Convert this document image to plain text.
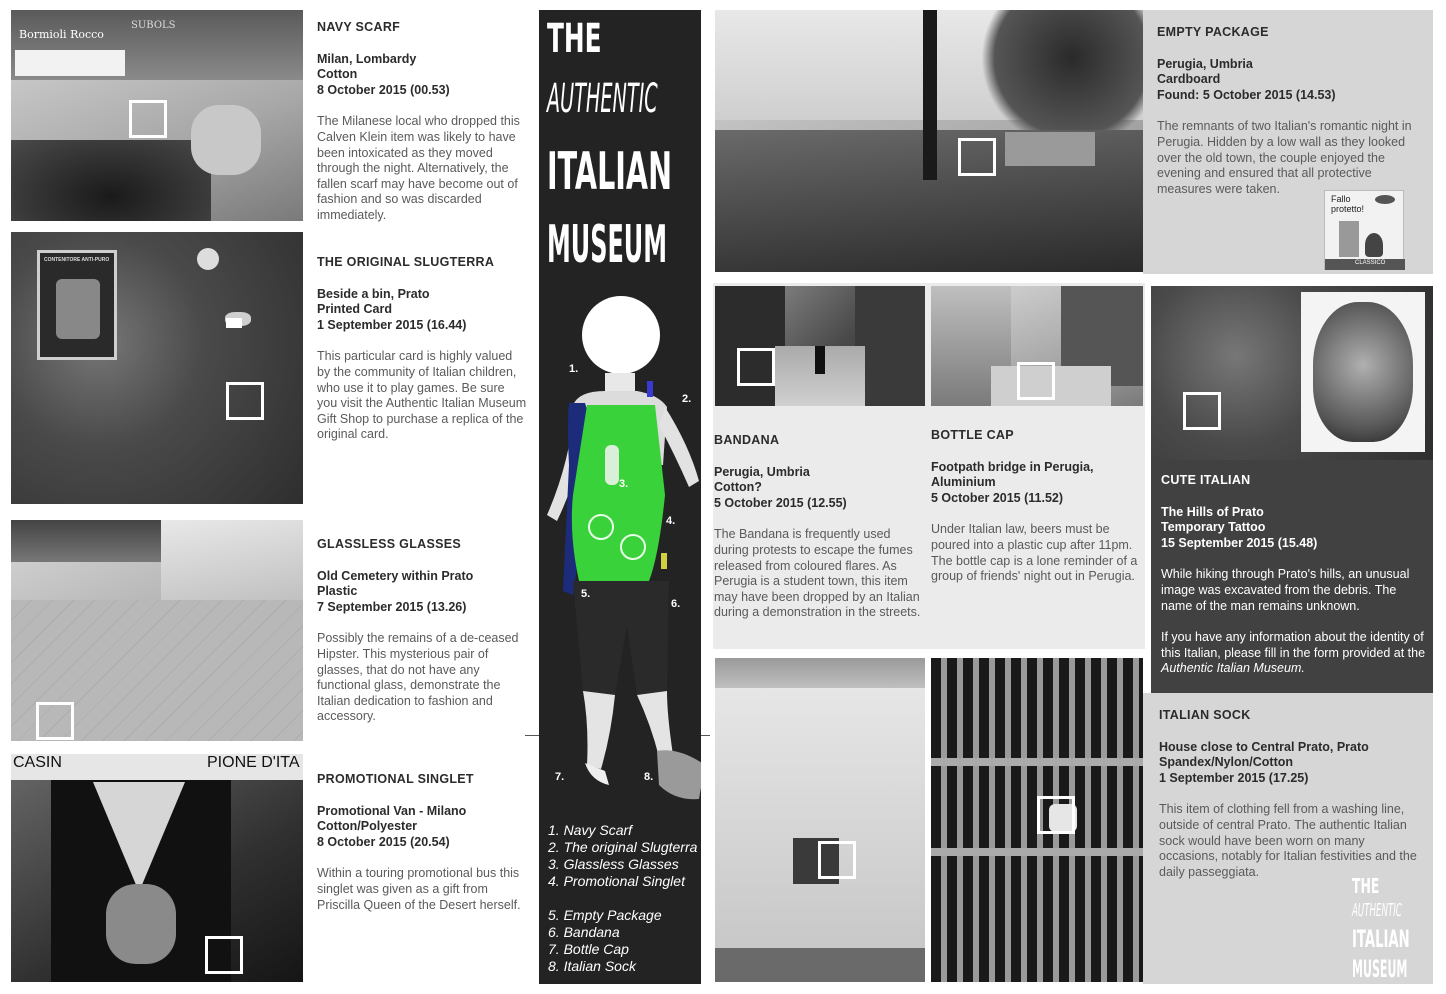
Bormioli Rocco
SUBOLS
CONTENITORE ANTI-PURO
CASIN	PIONE D'ITA
NAVY SCARF
Milan, Lombardy
Cotton
8 October 2015 (00.53)

The Milanese local who dropped this Calven Klein item was likely to have been intoxicated as they moved through the night. Alternatively, the fallen scarf may have become out of fashion and so was discarded immediately.

THE ORIGINAL SLUGTERRA
Beside a bin, Prato
Printed Card
1 September 2015 (16.44)

This particular card is highly valued by the community of Italian children, who use it to play games. Be sure you visit the Authentic Italian Museum Gift Shop to purchase a replica of the original card.

GLASSLESS GLASSES
Old Cemetery within Prato
Plastic
7 September 2015 (13.26)

Possibly the remains of a de-ceased Hipster. This mysterious pair of glasses, that do not have any functional glass, demonstrate the Italian dedication to fashion and accessory.

PROMOTIONAL SINGLET
Promotional Van - Milano
Cotton/Polyester
8 October 2015 (20.54)

Within a touring promotional bus this singlet was given as a gift from Priscilla Queen of the Desert herself.

THE
AUTHENTIC
ITALIAN
MUSEUM
1.
2.
3.
4.
5.
6.
7.	8.
1. Navy Scarf
2. The original Slugterra
3. Glassless Glasses
4. Promotional Singlet
5. Empty Package
6. Bandana
7. Bottle Cap
8. Italian Sock
EMPTY PACKAGE
Perugia, Umbria
Cardboard
Found: 5 October 2015 (14.53)

The remnants of two Italian's romantic night in Perugia. Hidden by a low wall as they looked over the old town, the couple enjoyed the evening and ensured that all protective measures were taken.

Fallo protetto!
CLASSICO
BANDANA
Perugia, Umbria
Cotton?
5 October 2015 (12.55)

The Bandana is frequently used during protests to escape the fumes released from coloured flares. As Perugia is a student town, this item may have been dropped by an Italian during a demonstration in the streets.

BOTTLE CAP
Footpath bridge in Perugia,
Aluminium
5 October 2015 (11.52)

Under Italian law, beers must be poured into a plastic cup after 11pm. The bottle cap is a lone reminder of a group of friends' night out in Perugia.

CUTE ITALIAN
The Hills of Prato
Temporary Tattoo
15 September 2015 (15.48)

While hiking through Prato's hills, an unusual image was excavated from the debris. The name of the man remains unknown.

If you have any information about the identity of this Italian, please fill in the form provided at the Authentic Italian Museum.

ITALIAN SOCK
House close to Central Prato, Prato
Spandex/Nylon/Cotton
1 September 2015 (17.25)

This item of clothing fell from a washing line, outside of central Prato. The authentic Italian sock would have been worn on many occasions, notably for Italian festivities and the daily passeggiata.

THE
AUTHENTIC
ITALIAN
MUSEUM
